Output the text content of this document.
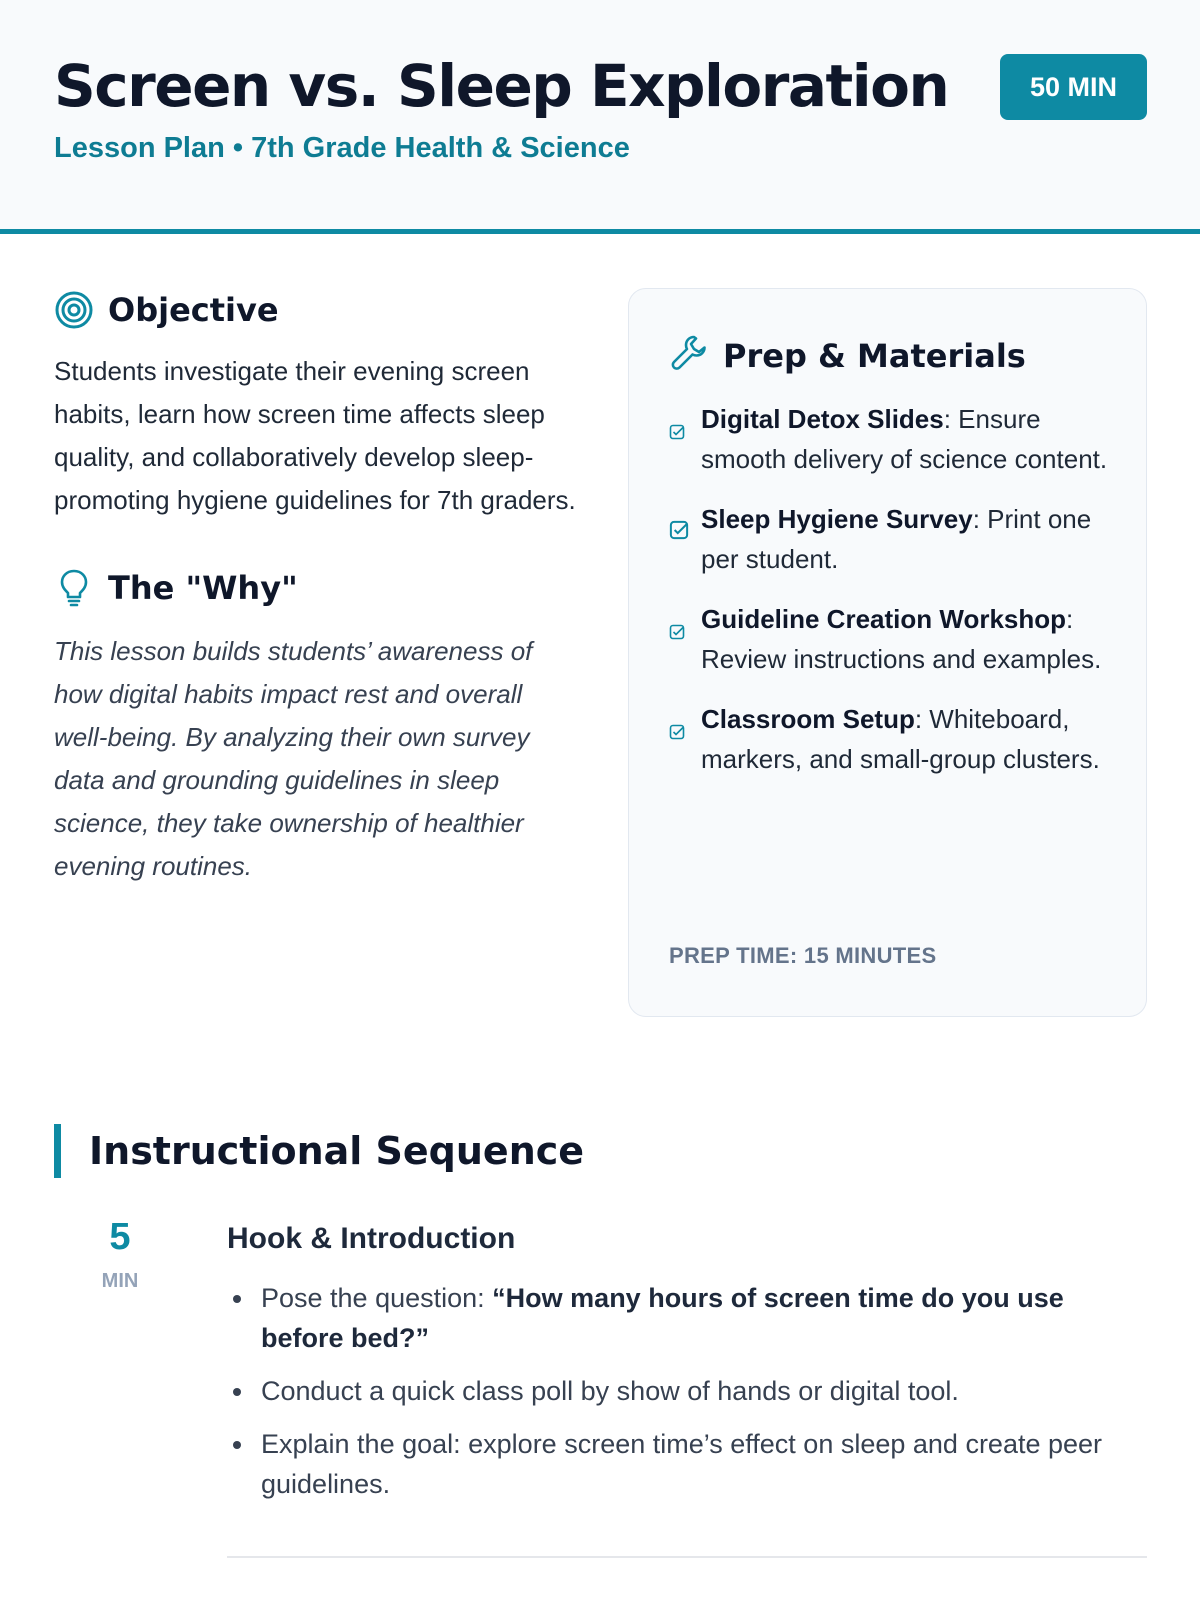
Screen vs. Sleep Exploration
Lesson Plan • 7th Grade Health & Science
50 MIN
Objective

Students investigate their evening screen habits, learn how screen time affects sleep quality, and collaboratively develop sleep-promoting hygiene guidelines for 7th graders.

The "Why"

This lesson builds students’ awareness of how digital habits impact rest and overall well-being. By analyzing their own survey data and grounding guidelines in sleep science, they take ownership of healthier evening routines.

Prep & Materials
Digital Detox Slides: Ensure smooth delivery of science content.
Sleep Hygiene Survey: Print one per student.
Guideline Creation Workshop: Review instructions and examples.
Classroom Setup: Whiteboard, markers, and small-group clusters.
PREP TIME: 15 MINUTES
Instructional Sequence
5
MIN
Hook & Introduction
Pose the question: “How many hours of screen time do you use before bed?”
Conduct a quick class poll by show of hands or digital tool.
Explain the goal: explore screen time’s effect on sleep and create peer guidelines.
